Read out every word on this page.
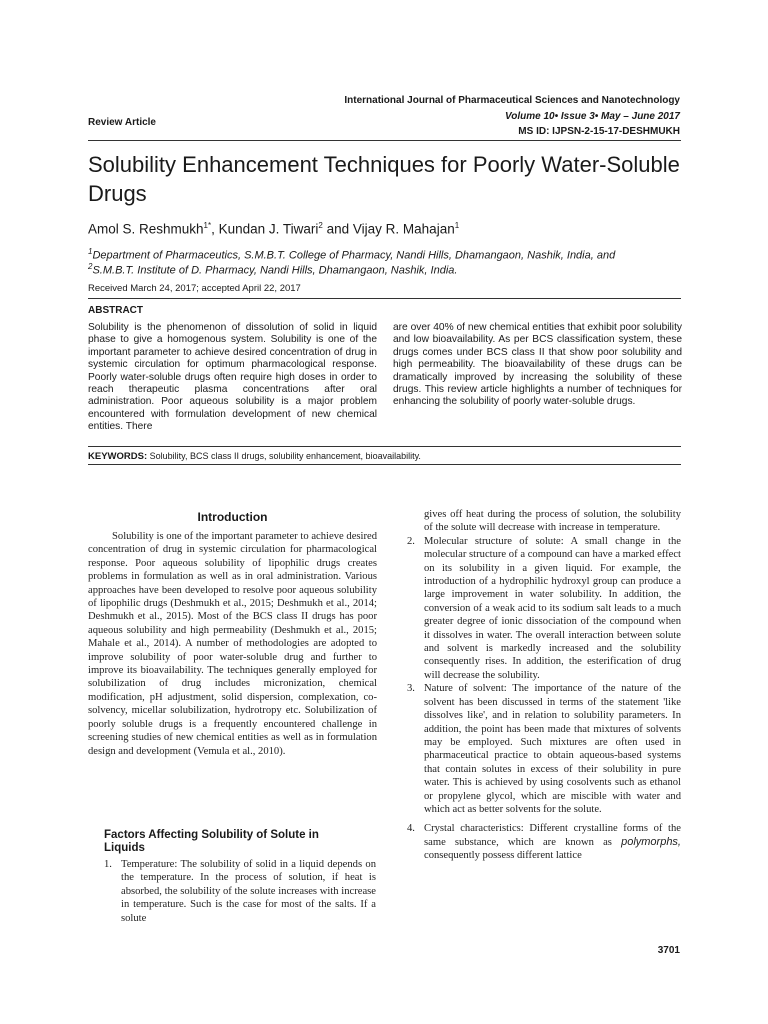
International Journal of Pharmaceutical Sciences and Nanotechnology
Volume 10• Issue 3• May – June 2017
MS ID: IJPSN-2-15-17-DESHMUKH
Review Article
Solubility Enhancement Techniques for Poorly Water-Soluble Drugs
Amol S. Reshmukh$^{1*}$, Kundan J. Tiwari$^2$ and Vijay R. Mahajan$^1$
$^1$Department of Pharmaceutics, S.M.B.T. College of Pharmacy, Nandi Hills, Dhamangaon, Nashik, India, and
$^2$S.M.B.T. Institute of D. Pharmacy, Nandi Hills, Dhamangaon, Nashik, India.
Received March 24, 2017; accepted April 22, 2017
ABSTRACT
Solubility is the phenomenon of dissolution of solid in liquid phase to give a homogenous system. Solubility is one of the important parameter to achieve desired concentration of drug in systemic circulation for optimum pharmacological response. Poorly water-soluble drugs often require high doses in order to reach therapeutic plasma concentrations after oral administration. Poor aqueous solubility is a major problem encountered with formulation development of new chemical entities. There
are over 40% of new chemical entities that exhibit poor solubility and low bioavailability. As per BCS classification system, these drugs comes under BCS class II that show poor solubility and high permeability. The bioavailability of these drugs can be dramatically improved by increasing the solubility of these drugs. This review article highlights a number of techniques for enhancing the solubility of poorly water-soluble drugs.
KEYWORDS: Solubility, BCS class II drugs, solubility enhancement, bioavailability.
Introduction
Solubility is one of the important parameter to achieve desired concentration of drug in systemic circulation for pharmacological response. Poor aqueous solubility of lipophilic drugs creates problems in formulation as well as in oral administration. Various approaches have been developed to resolve poor aqueous solubility of lipophilic drugs (Deshmukh et al., 2015; Deshmukh et al., 2014; Deshmukh et al., 2015). Most of the BCS class II drugs has poor aqueous solubility and high permeability (Deshmukh et al., 2015; Mahale et al., 2014). A number of methodologies are adopted to improve solubility of poor water-soluble drug and further to improve its bioavailability. The techniques generally employed for solubilization of drug includes micronization, chemical modification, pH adjustment, solid dispersion, complexation, co-solvency, micellar solubilization, hydrotropy etc. Solubilization of poorly soluble drugs is a frequently encountered challenge in screening studies of new chemical entities as well as in formulation design and development (Vemula et al., 2010).
Factors Affecting Solubility of Solute in Liquids
1. Temperature: The solubility of solid in a liquid depends on the temperature. In the process of solution, if heat is absorbed, the solubility of the solute increases with increase in temperature. Such is the case for most of the salts. If a solute
gives off heat during the process of solution, the solubility of the solute will decrease with increase in temperature.
2. Molecular structure of solute: A small change in the molecular structure of a compound can have a marked effect on its solubility in a given liquid. For example, the introduction of a hydrophilic hydroxyl group can produce a large improvement in water solubility. In addition, the conversion of a weak acid to its sodium salt leads to a much greater degree of ionic dissociation of the compound when it dissolves in water. The overall interaction between solute and solvent is markedly increased and the solubility consequently rises. In addition, the esterification of drug will decrease the solubility.
3. Nature of solvent: The importance of the nature of the solvent has been discussed in terms of the statement 'like dissolves like', and in relation to solubility parameters. In addition, the point has been made that mixtures of solvents may be employed. Such mixtures are often used in pharmaceutical practice to obtain aqueous-based systems that contain solutes in excess of their solubility in pure water. This is achieved by using cosolvents such as ethanol or propylene glycol, which are miscible with water and which act as better solvents for the solute.
4. Crystal characteristics: Different crystalline forms of the same substance, which are known as polymorphs, consequently possess different lattice
3701
